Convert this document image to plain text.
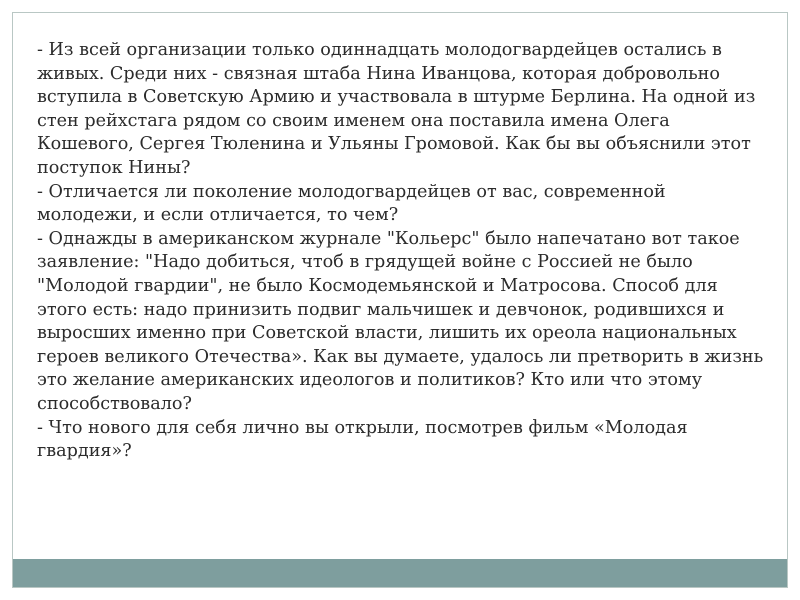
- Из всей организации только одиннадцать молодогвардейцев остались в живых. Среди них - связная штаба Нина Иванцова, которая добровольно вступила в Советскую Армию и участвовала в штурме Берлина. На одной из стен рейхстага рядом со своим именем она поставила имена Олега Кошевого, Сергея Тюленина и Ульяны Громовой. Как бы вы объяснили этот поступок Нины?

- Отличается ли поколение молодогвардейцев от вас, современной молодежи, и если отличается, то чем?

- Однажды в американском журнале "Кольерс" было напечатано вот такое заявление: "Надо добиться, чтоб в грядущей войне с Россией не было "Молодой гвардии", не было Космодемьянской и Матросова. Способ для этого есть: надо принизить подвиг мальчишек и девчонок, родившихся и выросших именно при Советской власти, лишить их ореола национальных героев великого Отечества». Как вы думаете, удалось ли претворить в жизнь это желание американских идеологов и политиков? Кто или что этому способствовало?

- Что нового для себя лично вы открыли, посмотрев фильм «Молодая гвардия»?
